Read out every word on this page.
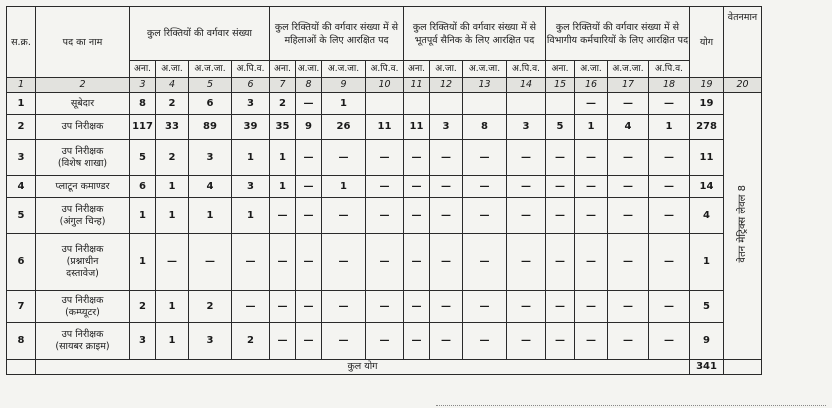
स.क्र.	पद का नाम	कुल रिक्तियों की वर्गवार संख्या				कुल रिक्तियों की वर्गवार संख्या में से महिलाओं के लिए आरक्षित पद				कुल रिक्तियों की वर्गवार संख्या में से भूतपूर्व सैनिक के लिए आरक्षित पद				कुल रिक्तियों की वर्गवार संख्या में से विभागीय कर्मचारियों के लिए आरक्षित पद				योग	वेतनमान
		अना.	अ.जा.	अ.ज.जा.	अ.पि.व.	अना.	अ.जा.	अ.ज.जा.	अ.पि.व.	अना.	अ.जा.	अ.ज.जा.	अ.पि.व.	अना.	अ.जा.	अ.ज.जा.	अ.पि.व.		
1	2	3	4	5	6	7	8	9	10	11	12	13	14	15	16	17	18	19	20
1	सूबेदार	8	2	6	3	2	—	1							—	—	—	19	वेतन मेट्रिक्स लेवल 8
2	उप निरीक्षक	117	33	89	39	35	9	26	11	11	3	8	3	5	1	4	1	278	
3	उप निरीक्षक
(विशेष शाखा)	5	2	3	1	1	—	—	—	—	—	—	—	—	—	—	—	11	
4	प्लाटून कमाण्डर	6	1	4	3	1	—	1	—	—	—	—	—	—	—	—	—	14	
5	उप निरीक्षक
(अंगुल चिन्ह)	1	1	1	1	—	—	—	—	—	—	—	—	—	—	—	—	4	
6	उप निरीक्षक
(प्रश्नाधीन
दस्तावेज)	1	—	—	—	—	—	—	—	—	—	—	—	—	—	—	—	1	
7	उप निरीक्षक
(कम्प्यूटर)	2	1	2	—	—	—	—	—	—	—	—	—	—	—	—	—	5	
8	उप निरीक्षक
(सायबर क्राइम)	3	1	3	2	—	—	—	—	—	—	—	—	—	—	—	—	9	
	कुल योग																	341	
